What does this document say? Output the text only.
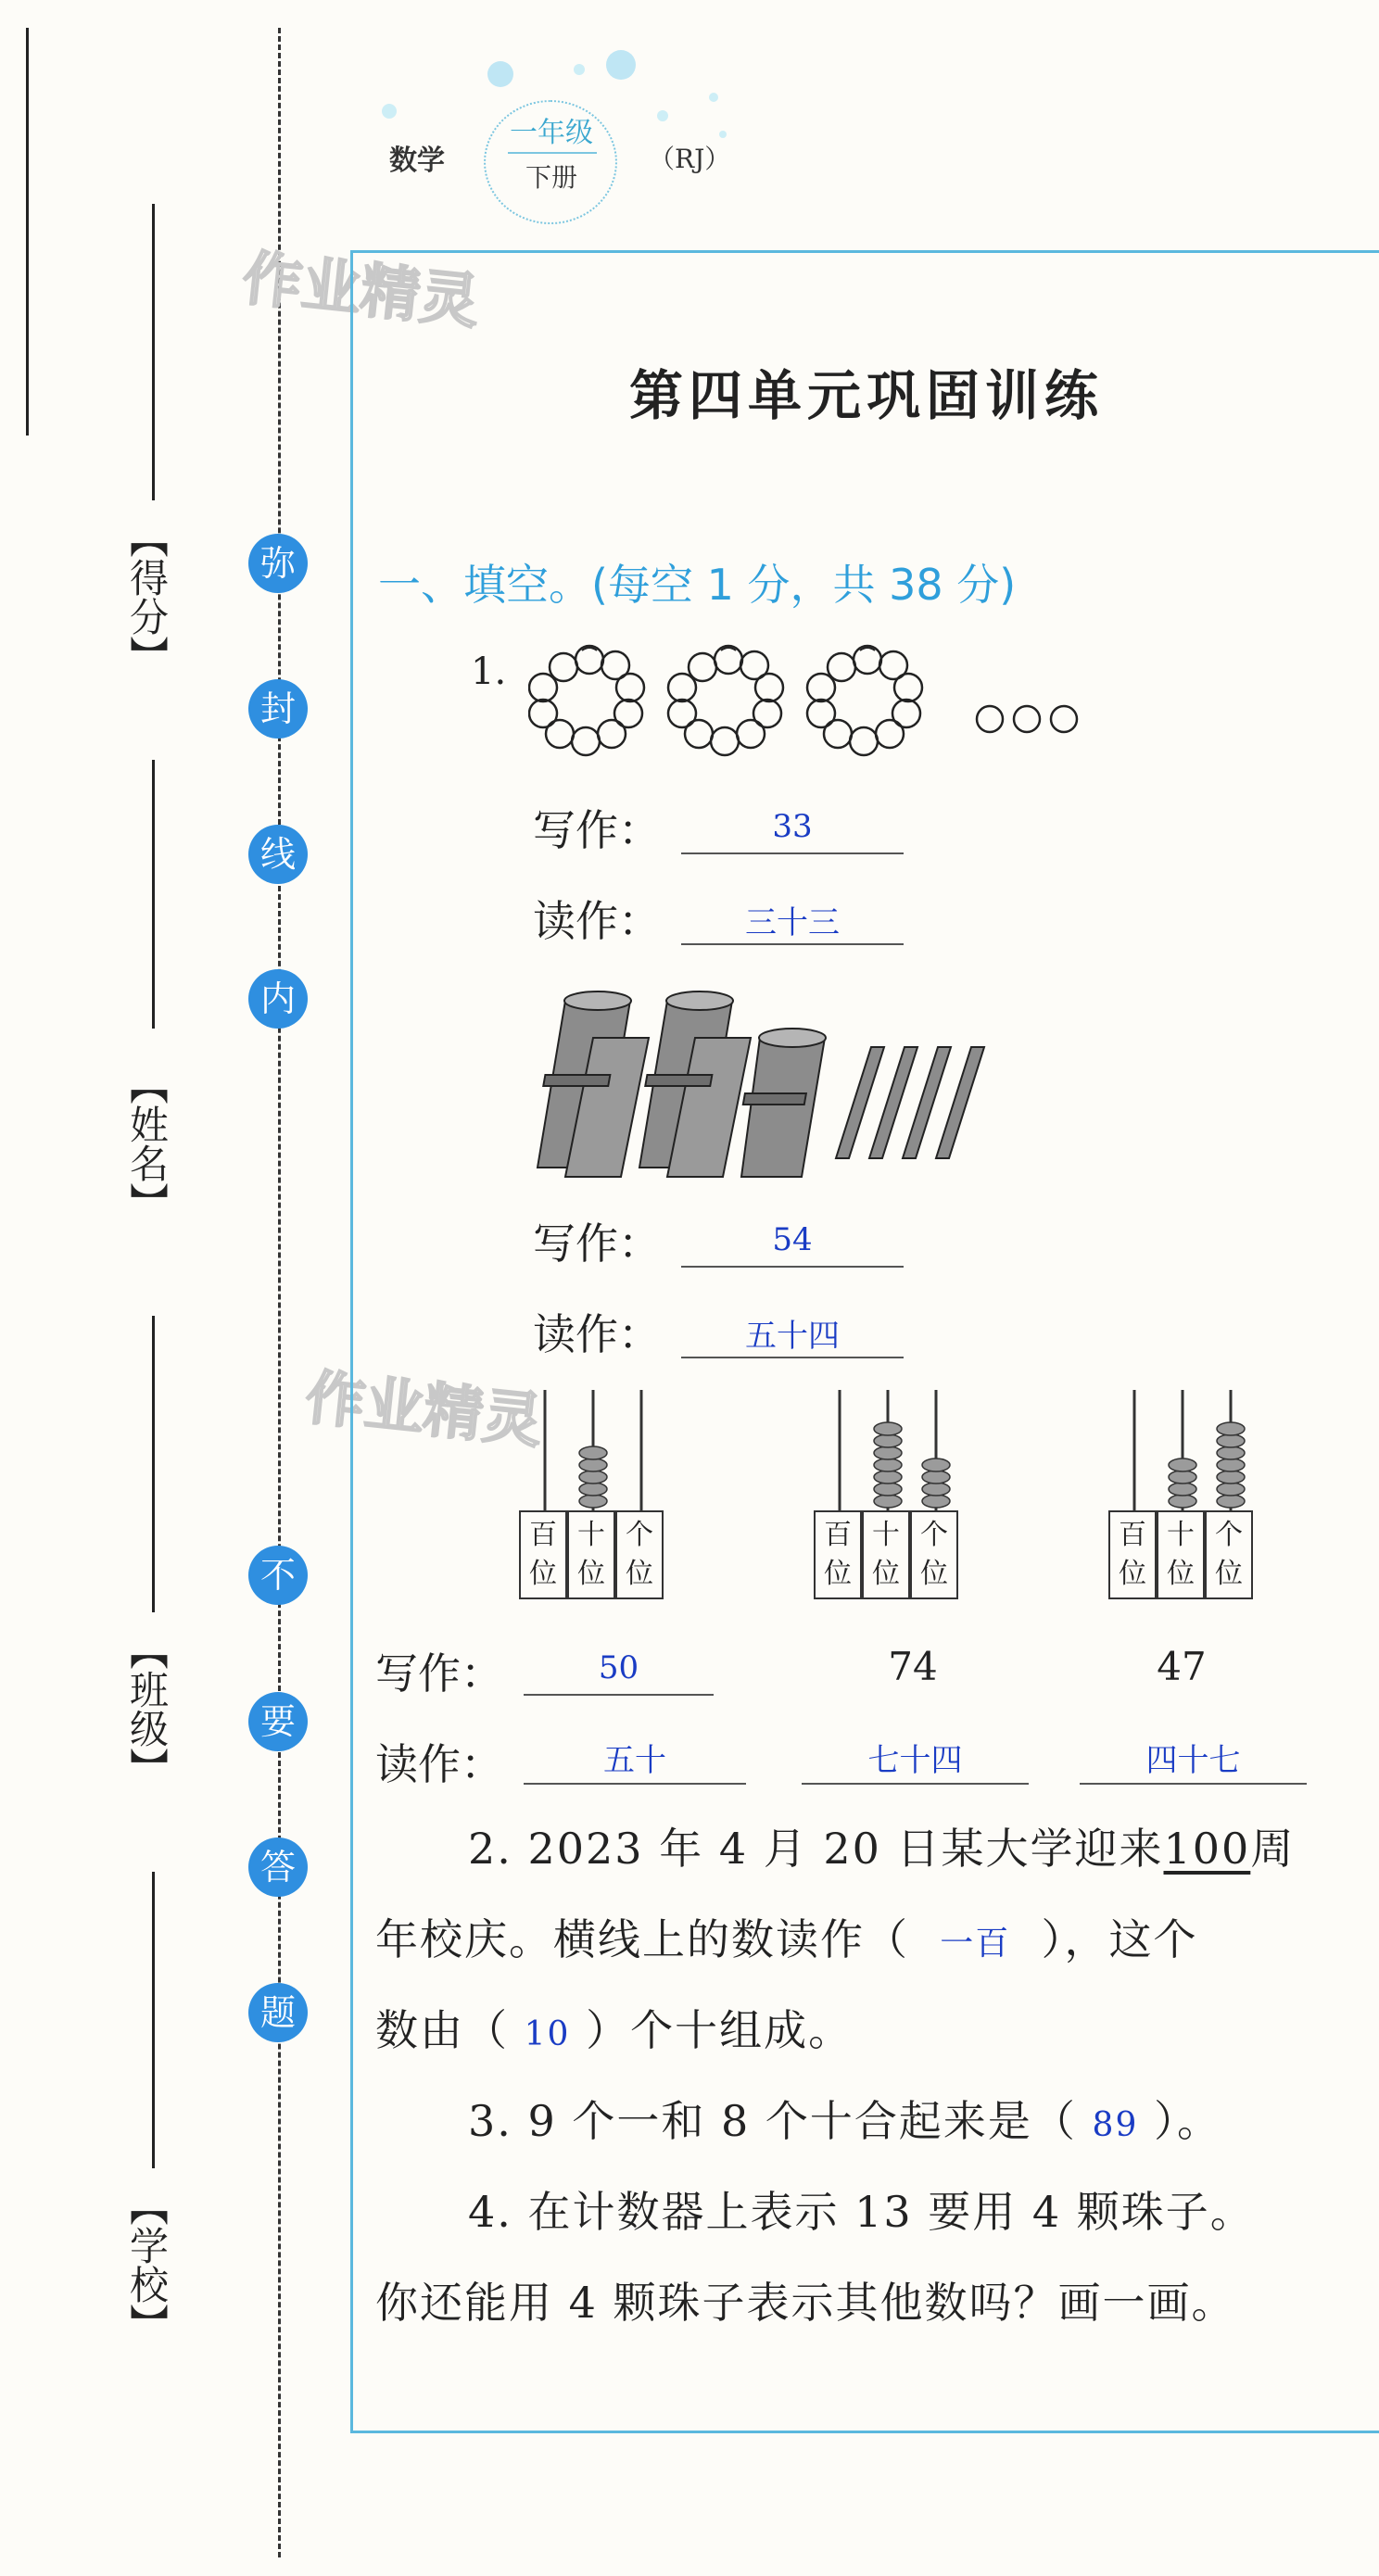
【得分】
【姓名】
【班级】
【学校】
弥
封
线
内
不
要
答
题
数学
一年级
下册
（RJ）
作业精灵
作业精灵
第四单元巩固训练
一、填空。(每空 1 分，共 38 分)
1.
写作：	33
读作：	三十三
写作：	54
读作：	五十四
百
位
十
位
个
位
百
位
十
位
个
位
百
位
十
位
个
位
写作：	50	74	47
读作：	五十	七十四	四十七
2. 2023 年 4 月 20 日某大学迎来100周
年校庆。横线上的数读作（ 一百 ），这个
数由（ 10 ）个十组成。
3. 9 个一和 8 个十合起来是（ 89 ）。
4. 在计数器上表示 13 要用 4 颗珠子。
你还能用 4 颗珠子表示其他数吗？画一画。
